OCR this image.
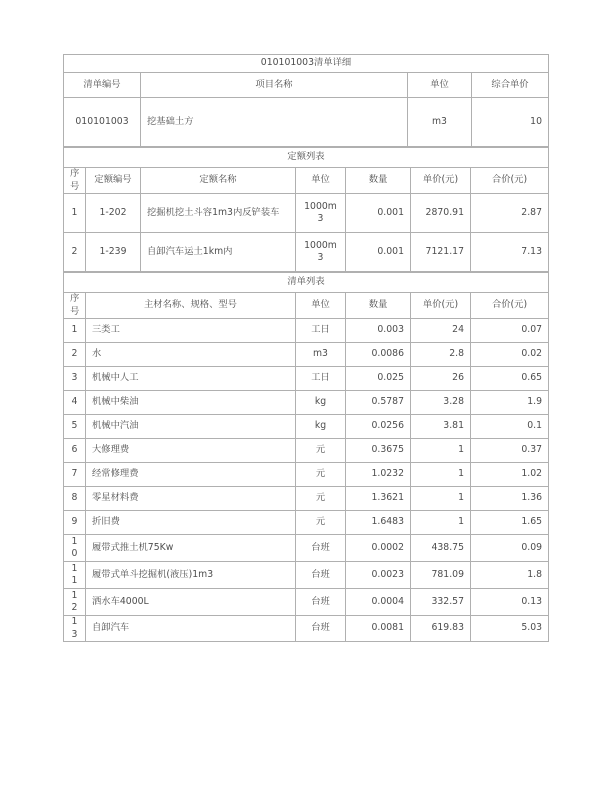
010101003清单详细			
清单编号	项目名称	单位	综合单价
010101003	挖基础土方	m3	10
定额列表						
序号	定额编号	定额名称	单位	数量	单价(元)	合价(元)
1	1-202	挖掘机挖土斗容1m3内反铲装车	1000m3	0.001	2870.91	2.87
2	1-239	自卸汽车运土1km内	1000m3	0.001	7121.17	7.13
清单列表					
序号	主材名称、规格、型号	单位	数量	单价(元)	合价(元)
1	三类工	工日	0.003	24	0.07
2	水	m3	0.0086	2.8	0.02
3	机械中人工	工日	0.025	26	0.65
4	机械中柴油	kg	0.5787	3.28	1.9
5	机械中汽油	kg	0.0256	3.81	0.1
6	大修理费	元	0.3675	1	0.37
7	经常修理费	元	1.0232	1	1.02
8	零星材料费	元	1.3621	1	1.36
9	折旧费	元	1.6483	1	1.65
10	履带式推土机75Kw	台班	0.0002	438.75	0.09
11	履带式单斗挖掘机(液压)1m3	台班	0.0023	781.09	1.8
12	洒水车4000L	台班	0.0004	332.57	0.13
13	自卸汽车	台班	0.0081	619.83	5.03
